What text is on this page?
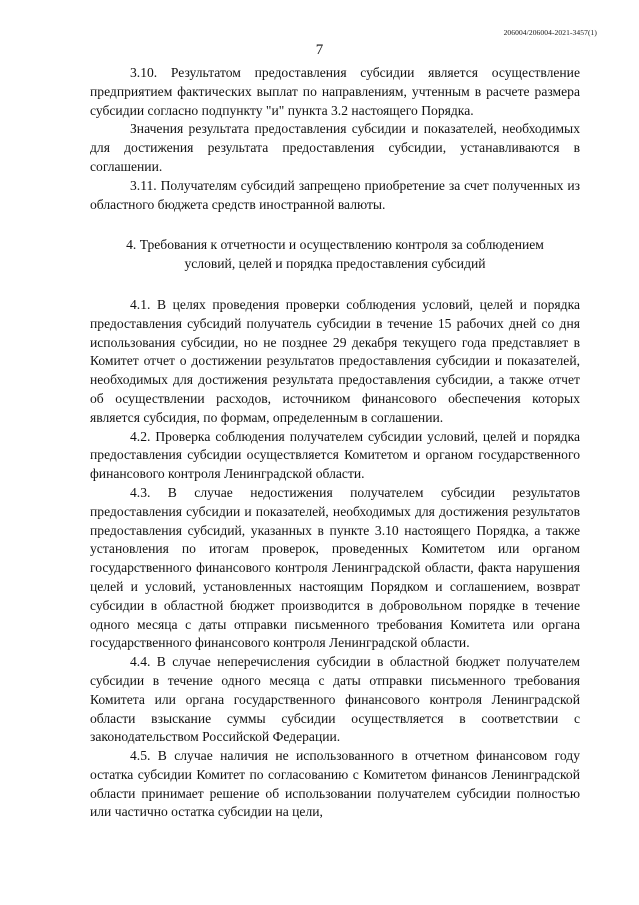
206004/206004-2021-3457(1)
7

3.10. Результатом предоставления субсидии является осуществление предприятием фактических выплат по направлениям, учтенным в расчете размера субсидии согласно подпункту "и" пункта 3.2 настоящего Порядка.

Значения результата предоставления субсидии и показателей, необходимых для достижения результата предоставления субсидии, устанавливаются в соглашении.

3.11. Получателям субсидий запрещено приобретение за счет полученных из областного бюджета средств иностранной валюты.

4. Требования к отчетности и осуществлению контроля за соблюдением условий, целей и порядка предоставления субсидий

4.1. В целях проведения проверки соблюдения условий, целей и порядка предоставления субсидий получатель субсидии в течение 15 рабочих дней со дня использования субсидии, но не позднее 29 декабря текущего года представляет в Комитет отчет о достижении результатов предоставления субсидии и показателей, необходимых для достижения результата предоставления субсидии, а также отчет об осуществлении расходов, источником финансового обеспечения которых является субсидия, по формам, определенным в соглашении.

4.2. Проверка соблюдения получателем субсидии условий, целей и порядка предоставления субсидии осуществляется Комитетом и органом государственного финансового контроля Ленинградской области.

4.3. В случае недостижения получателем субсидии результатов предоставления субсидии и показателей, необходимых для достижения результатов предоставления субсидий, указанных в пункте 3.10 настоящего Порядка, а также установления по итогам проверок, проведенных Комитетом или органом государственного финансового контроля Ленинградской области, факта нарушения целей и условий, установленных настоящим Порядком и соглашением, возврат субсидии в областной бюджет производится в добровольном порядке в течение одного месяца с даты отправки письменного требования Комитета или органа государственного финансового контроля Ленинградской области.

4.4. В случае неперечисления субсидии в областной бюджет получателем субсидии в течение одного месяца с даты отправки письменного требования Комитета или органа государственного финансового контроля Ленинградской области взыскание суммы субсидии осуществляется в соответствии с законодательством Российской Федерации.

4.5. В случае наличия не использованного в отчетном финансовом году остатка субсидии Комитет по согласованию с Комитетом финансов Ленинградской области принимает решение об использовании получателем субсидии полностью или частично остатка субсидии на цели,
